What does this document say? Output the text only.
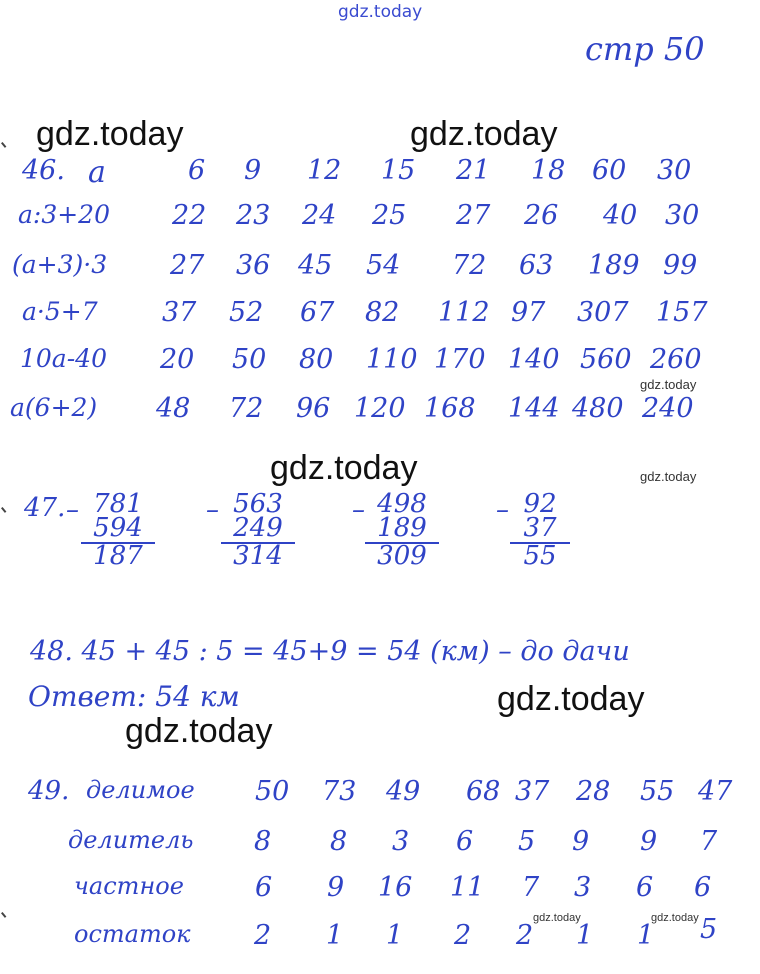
gdz.today
стр 50
gdz.today	gdz.today
gdz.today
gdz.today
gdz.today
gdz.today
gdz.today
gdz.today	gdz.today
46. a	6 9 12 15 21 18 60 30
a:3+20 22 23 24 25 27 26 40 30
(a+3)·3 27 36 45 54 72 63 189 99
a·5+7 37 52 67 82 112 97 307 157
10a-40 20 50 80 110 170 140 560 260
a(6+2) 48 72 96 120 168 144 480 240
47. – 781
594
187
– 563
249
314
– 498
189
309
– 92
37
55
48. 45 + 45 : 5 = 45+9 = 54 (км) – до дачи
Ответ: 54 км
49. делимое 50 73 49 68 37 28 55 47
делитель 8 8 3 6 5 9 9 7
частное	6 9 16 11 7 3 6 6
остаток 2 1 1 2 2 1 1 5
